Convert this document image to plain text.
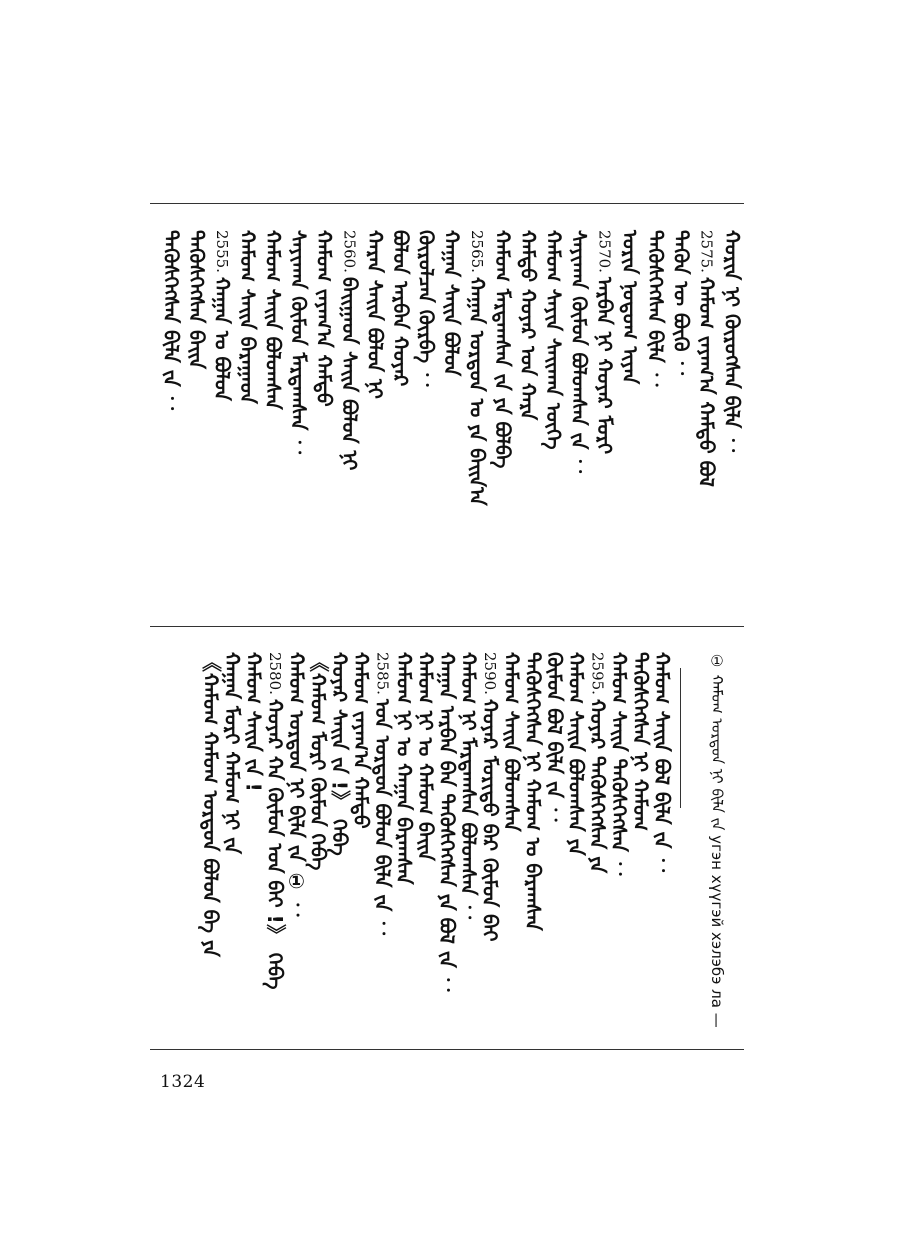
ᠬᠣᠷᠢᠨ ᠨᠢ ᠬᠦᠷᠦᠭᠰᠡᠨ ᠪᠢᠯᠡ ︰
2575.ᠬᠠᠮᠤᠭ ᠵᠠᠶᠠᠭ᠎ᠠ ᠬᠠᠮᠲᠤ ᠪᠣᠯ
ᠲᠡᠭᠦᠨ ᠦ ᠪᠦᠬᠦ ︰
ᠲᠡᠭᠦᠰᠬᠡᠭᠰᠡᠨ ᠪᠢᠯᠡ ︰
ᠣᠷᠢᠨ ᠨᠤᠲᠤᠭ ᠢᠶᠡᠨ
2570.ᠠᠷᠪᠠᠨ ᠨᠢ ᠬᠣᠶᠠᠷ ᠮᠣᠷᠢ
ᠰᠠᠶᠢᠬᠠᠨ ᠬᠦᠮᠦᠨ ᠪᠣᠯᠤᠭᠰᠠᠨ ᠵᠡ ︰
ᠬᠠᠮᠤᠭ ᠰᠠᠶᠢᠨ ᠰᠠᠢᠬᠠᠨ ᠦᠭᠡ
ᠬᠠᠮᠲᠤ ᠬᠣᠶᠠᠷ ᠤᠨ ᠬᠠᠷᠠ
ᠬᠠᠮᠤᠭ ᠮᠠᠷᠲᠠᠭᠰᠠᠨ ᠵᠠ ᠶᠠ ᠪᠣᠯᠪᠠ
2565.ᠬᠠᠭᠠᠨ ᠣᠷᠳᠣᠨ ᠤ ᠶᠠ ᠪᠠᠢᠨ᠎ᠠ
ᠬᠠᠭᠠᠨ ᠰᠠᠢᠨ ᠪᠣᠯᠤᠨ
ᠬᠦᠷᠦᠯᠴᠡᠨ ᠬᠦᠷᠪᠡ ︰
ᠪᠣᠯᠤᠨ ᠠᠷᠪᠠᠨ ᠬᠣᠶᠠᠷ
ᠬᠠᠷᠠᠨ ᠰᠠᠢᠨ ᠪᠣᠯᠤᠨ ᠨᠢ
2560.ᠪᠠᠢᠭᠠᠳ ᠰᠠᠢᠨ ᠪᠣᠯᠤᠨ ᠨᠢ
ᠬᠠᠮᠤᠭ ᠵᠠᠶᠠᠭ᠎ᠠ ᠬᠠᠮᠲᠤ
ᠰᠠᠶᠢᠬᠠᠨ ᠬᠦᠮᠦᠨ ᠮᠠᠷᠲᠠᠭᠰᠠᠨ ︰
ᠬᠠᠮᠤᠭ ᠰᠠᠢᠨ ᠪᠣᠯᠤᠭᠰᠠᠨ
ᠬᠠᠮᠤᠭ ᠰᠠᠢᠨ ᠪᠠᠷᠠᠭᠠᠳ
2555.ᠬᠠᠭᠠᠨ ᠤ ᠪᠣᠯᠤᠨ
ᠲᠡᠭᠦᠰᠬᠡᠭᠰᠡᠨ ᠪᠠᠢᠨ
ᠲᠡᠭᠦᠰᠬᠡᠭᠰᠡᠨ ᠪᠢᠯᠡ ᠵᠡ ︰
ᠬᠠᠮᠤᠭ ᠰᠠᠢᠨ ᠪᠣᠯ ᠪᠢᠯᠡ ᠵᠡ ︰
ᠲᠡᠭᠦᠰᠬᠡᠭᠰᠡᠨ ᠨᠢ ᠬᠠᠮᠤᠭ
ᠬᠠᠮᠤᠭ ᠰᠠᠢᠨ ᠲᠡᠭᠦᠰᠬᠡᠭᠰᠡᠨ ︰
2595.ᠬᠣᠶᠠᠷ ᠲᠡᠭᠦᠰᠬᠡᠭᠰᠡᠨ ᠶᠠ
ᠬᠠᠮᠤᠭ ᠰᠠᠢᠨ ᠪᠣᠯᠤᠭᠰᠠᠨ ᠶᠠ
ᠬᠦᠮᠦᠨ ᠪᠣᠯ ᠪᠢᠯᠡ ᠵᠡ ︰
ᠲᠡᠭᠦᠰᠬᠡᠭᠰᠡᠨ ᠨᠢ ᠬᠠᠮᠤᠭ ᠤ ᠪᠠᠷᠠᠭᠰᠠᠨ
ᠬᠠᠮᠤᠭ ᠰᠠᠢᠨ ᠪᠣᠯᠤᠭᠰᠠᠨ
2590.ᠬᠣᠶᠠᠷ ᠮᠣᠷᠢᠲᠤ ᠪᠠᠷ ᠬᠦᠮᠦᠨ ᠪᠠᠢ
ᠬᠠᠮᠤᠭ ᠨᠢ ᠮᠠᠷᠲᠠᠭᠰᠠᠨ ᠪᠣᠯᠤᠭᠰᠠᠨ ︰
ᠬᠠᠭᠠᠨ ᠠᠷᠪᠠᠨ ᠪᠠᠨ ᠲᠡᠭᠦᠰᠬᠡᠭᠰᠡᠨ ᠶᠠ ᠪᠣᠯ ᠵᠡ ︰
ᠬᠠᠮᠤᠭ ᠨᠢ ᠤ ᠬᠠᠮᠤᠭ ᠪᠠᠢᠨ
ᠬᠠᠮᠤᠭ ᠨᠢ ᠤ ᠬᠠᠭᠠᠨ ᠪᠠᠷᠠᠭᠰᠠᠨ
2585.ᠤᠨ ᠣᠷᠳᠣᠨ ᠪᠣᠯᠤᠨ ᠪᠢᠯᠡ ᠵᠡ ︰
ᠬᠠᠮᠤᠭ ᠵᠠᠶᠠᠭ᠎ᠠ ᠬᠠᠮᠲᠤ
ᠬᠣᠶᠠᠷ ᠰᠠᠢᠨ ᠵᠠ !》 ᠭᠡᠪᠡ
《ᠬᠠᠮᠤᠭ ᠮᠣᠷᠢ ᠬᠦᠮᠦᠨ ᠭᠡᠪᠡ
ᠬᠠᠮᠤᠭ ᠣᠷᠳᠣᠨ ᠨᠢ ᠪᠢᠯᠡ ᠵᠡ ① ︰
2580.ᠬᠣᠶᠠᠷ ᠬᠠ ᠬᠦᠮᠦᠨ ᠤᠨ ᠪᠠᠢ !》 ᠭᠡᠪᠡ
ᠬᠠᠮᠤᠭ ᠰᠠᠢᠨ ᠵᠡ !
ᠬᠠᠭᠠᠨ ᠮᠣᠷᠢ ᠬᠠᠮᠤᠭ ᠨᠢ ᠵᠠ
《ᠬᠠᠮᠤᠭ ᠬᠠᠮᠤᠭ ᠣᠷᠳᠣᠨ ᠪᠣᠯᠤᠨ ᠪᠠ ᠶᠠ	① ᠬᠠᠮᠤᠭ ᠣᠷᠳᠣᠨ ᠨᠢ ᠪᠢᠯᠡ ᠵᠡ угэн хүүгэй хэлэбэ ла —
1324
